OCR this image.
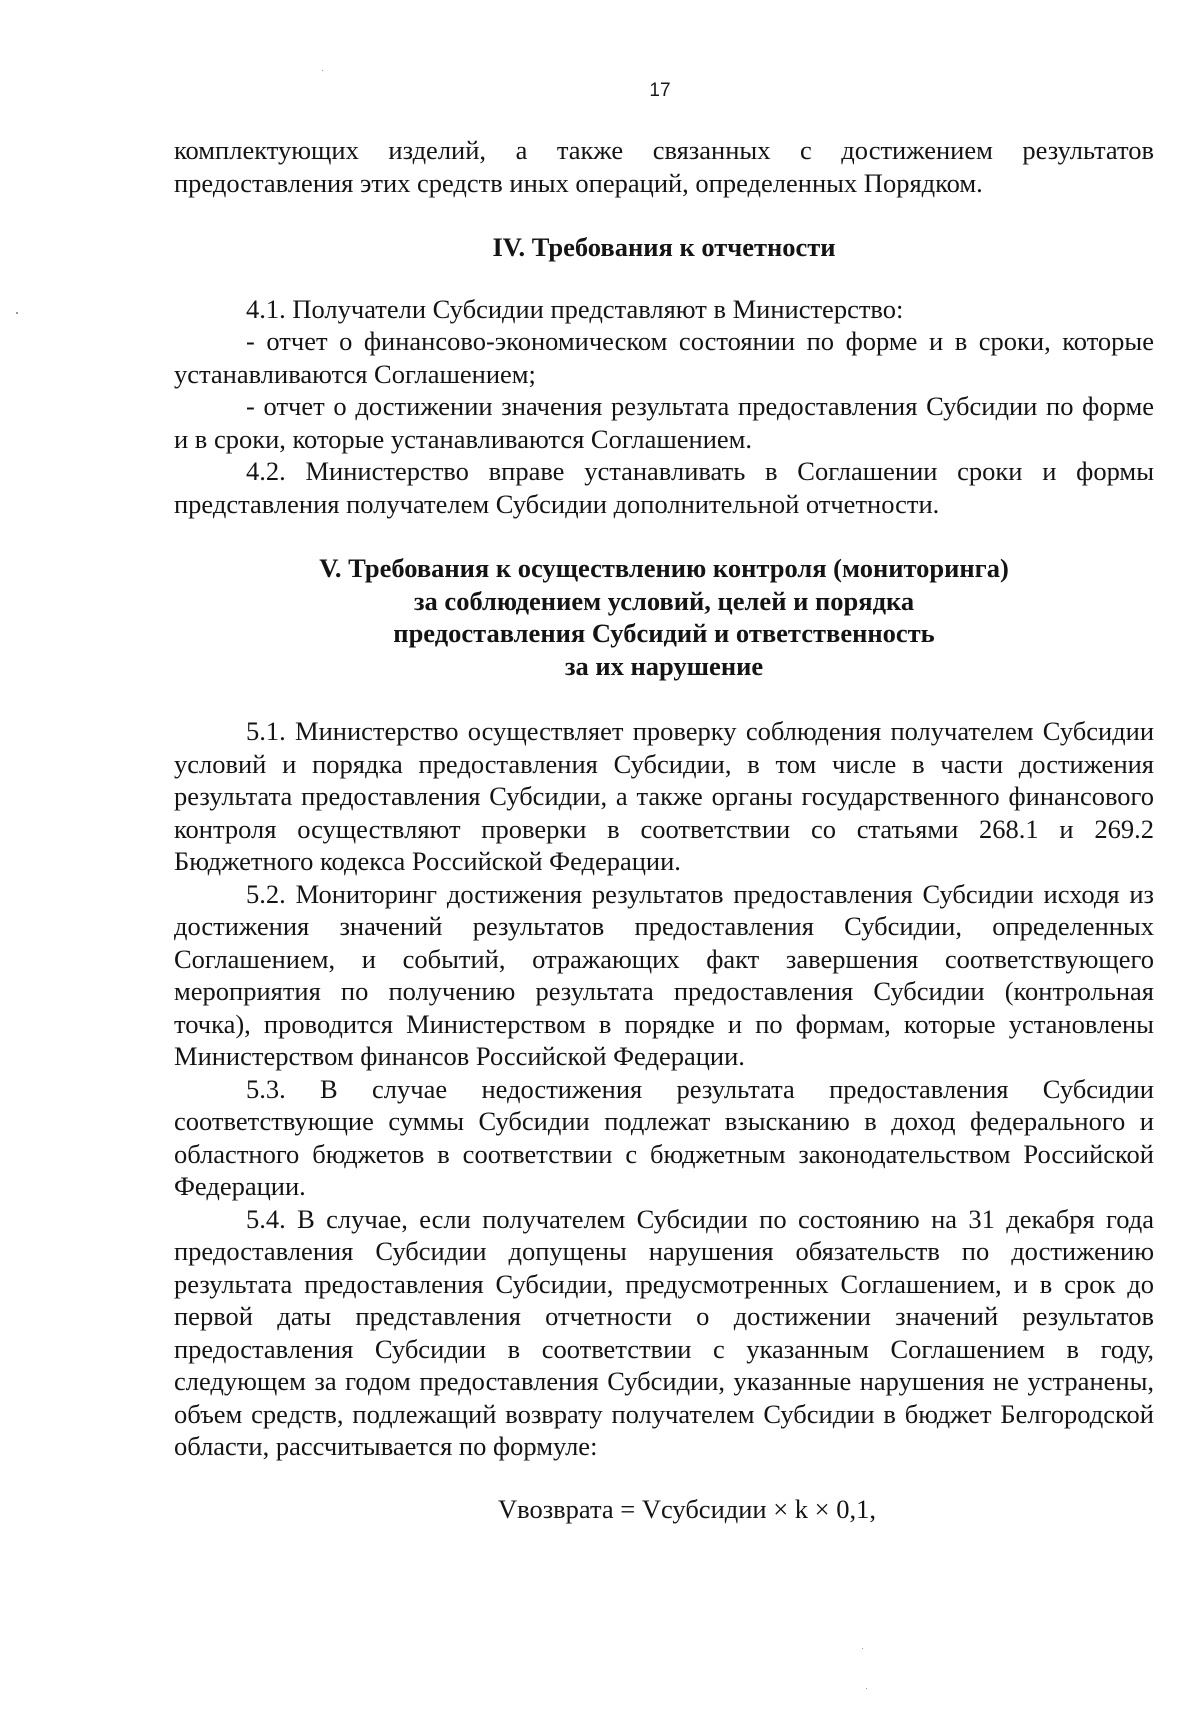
17

комплектующих изделий, а также связанных с достижением результатов предоставления этих средств иных операций, определенных Порядком.

IV. Требования к отчетности

4.1. Получатели Субсидии представляют в Министерство:

- отчет о финансово-экономическом состоянии по форме и в сроки, которые устанавливаются Соглашением;

- отчет о достижении значения результата предоставления Субсидии по форме и в сроки, которые устанавливаются Соглашением.

4.2. Министерство вправе устанавливать в Соглашении сроки и формы представления получателем Субсидии дополнительной отчетности.

V. Требования к осуществлению контроля (мониторинга)

за соблюдением условий, целей и порядка

предоставления Субсидий и ответственность

за их нарушение

5.1. Министерство осуществляет проверку соблюдения получателем Субсидии условий и порядка предоставления Субсидии, в том числе в части достижения результата предоставления Субсидии, а также органы государственного финансового контроля осуществляют проверки в соответствии со статьями 268.1 и 269.2 Бюджетного кодекса Российской Федерации.

5.2. Мониторинг достижения результатов предоставления Субсидии исходя из достижения значений результатов предоставления Субсидии, определенных Соглашением, и событий, отражающих факт завершения соответствующего мероприятия по получению результата предоставления Субсидии (контрольная точка), проводится Министерством в порядке и по формам, которые установлены Министерством финансов Российской Федерации.

5.3. В случае недостижения результата предоставления Субсидии соответствующие суммы Субсидии подлежат взысканию в доход федерального и областного бюджетов в соответствии с бюджетным законодательством Российской Федерации.

5.4. В случае, если получателем Субсидии по состоянию на 31 декабря года предоставления Субсидии допущены нарушения обязательств по достижению результата предоставления Субсидии, предусмотренных Соглашением, и в срок до первой даты представления отчетности о достижении значений результатов предоставления Субсидии в соответствии с указанным Соглашением в году, следующем за годом предоставления Субсидии, указанные нарушения не устранены, объем средств, подлежащий возврату получателем Субсидии в бюджет Белгородской области, рассчитывается по формуле:

Vвозврата = Vсубсидии × k × 0,1,
